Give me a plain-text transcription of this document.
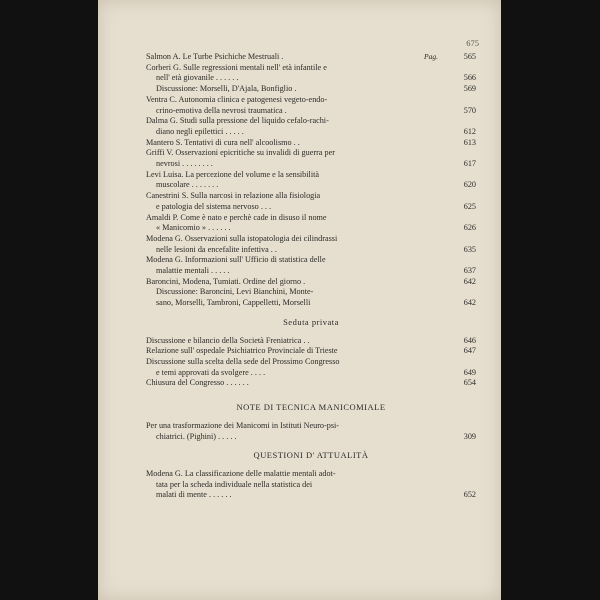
675
Salmon A. Le Turbe Psichiche Mestruali .	Pag.	565
Corberi G. Sulle regressioni mentali nell' età infantile e
nell' età giovanile . . . . . .	566
Discussione: Morselli, D'Ajala, Bonfiglio .	569
Ventra C. Autonomia clinica e patogenesi vegeto-endo-
crino-emotiva della nevrosi traumatica .	570
Dalma G. Studi sulla pressione del liquido cefalo-rachi-
diano negli epilettici . . . . .	612
Mantero S. Tentativi di cura nell' alcoolismo . .	613
Griffi V. Osservazioni epicritiche su invalidi di guerra per
nevrosi . . . . . . . .	617
Levi Luisa. La percezione del volume e la sensibilità
muscolare . . . . . . .	620
Canestrini S. Sulla narcosi in relazione alla fisiologia
e patologia del sistema nervoso . . .	625
Amaldi P. Come è nato e perchè cade in disuso il nome
« Manicomio » . . . . . .	626
Modena G. Osservazioni sulla istopatologia dei cilindrassi
nelle lesioni da encefalite infettiva . .	635
Modena G. Informazioni sull' Ufficio di statistica delle
malattie mentali . . . . .	637
Baroncini, Modena, Tumiati. Ordine del giorno .	642
Discussione: Baroncini, Levi Bianchini, Monte-
sano, Morselli, Tambroni, Cappelletti, Morselli	642
Seduta privata
Discussione e bilancio della Società Freniatrica . .	646
Relazione sull' ospedale Psichiatrico Provinciale di Trieste	647
Discussione sulla scelta della sede del Prossimo Congresso
e temi approvati da svolgere . . . .	649
Chiusura del Congresso . . . . . .	654
NOTE DI TECNICA MANICOMIALE
Per una trasformazione dei Manicomi in Istituti Neuro-psi-
chiatrici. (Pighini) . . . . .	309
QUESTIONI D' ATTUALITÀ
Modena G. La classificazione delle malattie mentali adot-
tata per la scheda individuale nella statistica dei
malati di mente . . . . . .	652
